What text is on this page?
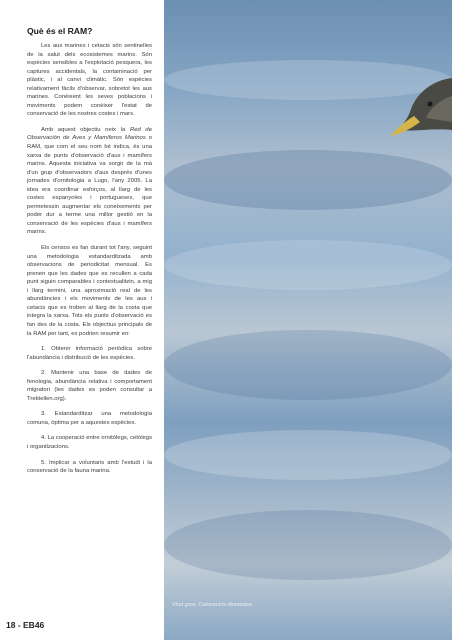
Què és el RAM?

Les aus marines i cetacis són sentinelles de la salut dels ecosistemes marins. Són espècies sensibles a l'explotació pesquera, les captures accidentals, la contaminació per plàstic, i al canvi climàtic. Són espècies relativament fàcils d'observar, sobretot les aus marines. Conèixent les seves poblacions i moviments podem conèixer l'estat de conservació de les nostres costes i mars.

Amb aquest objectiu neix la Red de Observación de Aves y Mamíferos Marinos o RAM, que com el seu nom bé indica, és una xarxa de punts d'observació d'aus i mamífers marins. Aquesta iniciativa va sorgir de la mà d'un grup d'observadors d'aus després d'unes jornades d'ornitologia a Lugo, l'any 2005. La idea era coordinar esforços, al llarg de les costes espanyoles i portugueses, que permetessin augmentar els coneixements per poder dur a terme una millor gestió en la conservació de les espècies d'aus i mamífers marins.

Els censos es fan durant tot l'any, seguint una metodologia estandarditzada amb observacions de periodicitat mensual. Es prenen que les dades que es recullen a cada punt siguin comparables i contextualitzin, a mig i llarg termini, una aproximació real de les abundàncies i els moviments de les aus i cetacis que es troben al llarg de la costa que integra la xarxa. Tots els punts d'observació es fan des de la costa. Els objectius principals de la RAM per tant, es podrien resumir en:

1. Obtenir informació periòdica sobre l'abundància i distribució de les espècies.

2. Mantenir una base de dades de fenologia, abundància relativa i comportament migratori (les dades es poden consultar a Trektellen.org).

3. Estandarditzar una metodologia comuna, òptima per a aquestes espècies.

4. La cooperació entre ornitòlegs, cetòlegs i organitzacions.

5. Implicar a voluntaris amb l'estudi i la conservació de la fauna marina.

Virot gros, Calonectris diomedea
18 - EB46
